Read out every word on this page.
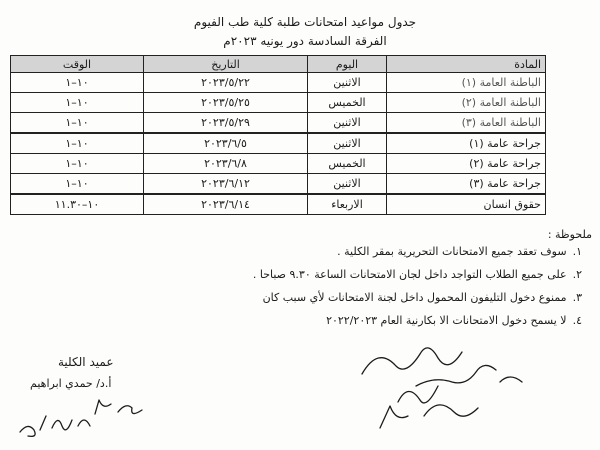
جدول مواعيد امتحانات طلبة كلية طب الفيوم
الفرقة السادسة دور يونيه ٢٠٢٣م
المادة	اليوم	التاريخ	الوقت
الباطنة العامة (١)	الاثنين	٢٠٢٣/٥/٢٢	١٠–١
الباطنة العامة (٢)	الخميس	٢٠٢٣/٥/٢٥	١٠–١
الباطنة العامة (٣)	الاثنين	٢٠٢٣/٥/٢٩	١٠–١
جراحة عامة (١)	الاثنين	٢٠٢٣/٦/٥	١٠–١
جراحة عامة (٢)	الخميس	٢٠٢٣/٦/٨	١٠–١
جراحة عامة (٣)	الاثنين	٢٠٢٣/٦/١٢	١٠–١
حقوق انسان	الاربعاء	٢٠٢٣/٦/١٤	١٠–١١.٣٠
ملحوظة :
١.سوف تعقد جميع الامتحانات التحريرية بمقر الكلية .
٢.على جميع الطلاب التواجد داخل لجان الامتحانات الساعة ٩.٣٠ صباحا .
٣.ممنوع دخول التليفون المحمول داخل لجنة الامتحانات لأي سبب كان
٤.لا يسمح دخول الامتحانات الا بكارنية العام ٢٠٢٢/٢٠٢٣
عميد الكلية
أ.د/ حمدي ابراهيم
